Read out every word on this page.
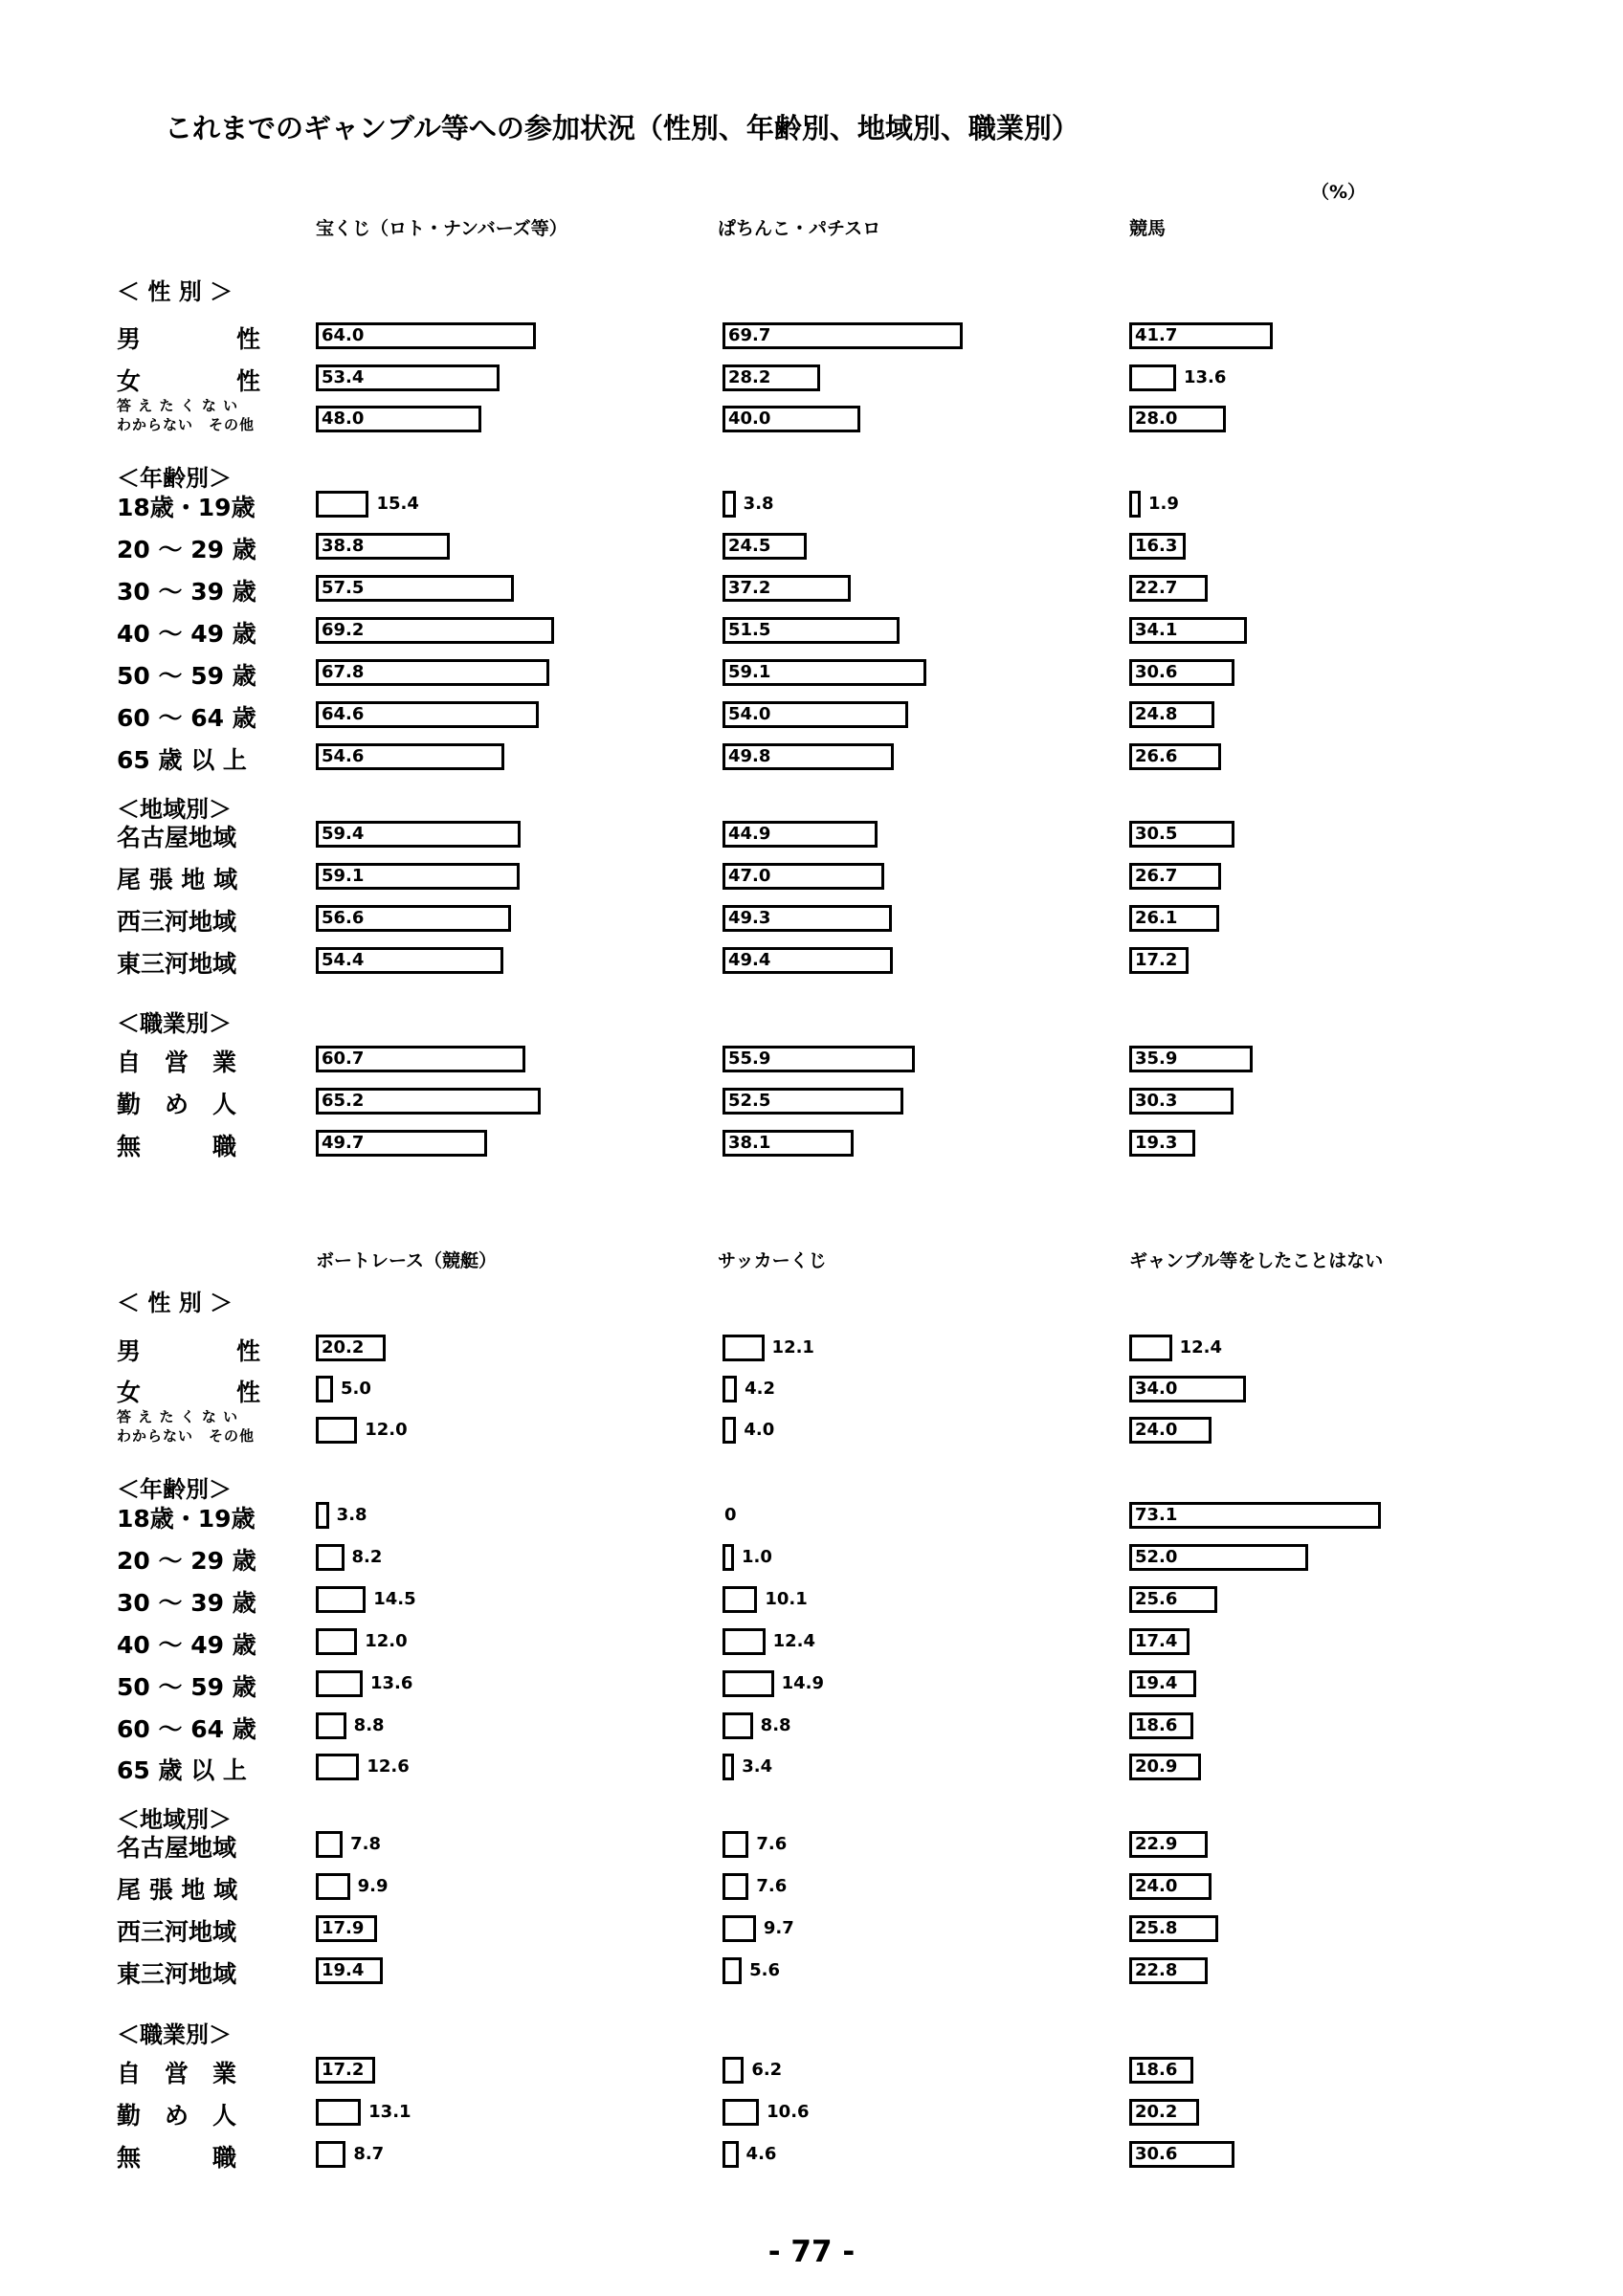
これまでのギャンブル等への参加状況（性別、年齢別、地域別、職業別）
（%）
宝くじ（ロト・ナンバーズ等）	ぱちんこ・パチスロ	競馬
＜ 性 別 ＞
男　　　　性	64.0	69.7	41.7
女　　　　性	53.4	28.2	13.6
答 え た く な い
わからない　その他	48.0	40.0	28.0
＜年齢別＞
18歳・19歳	15.4	3.8	1.9
20 ～ 29 歳	38.8	24.5	16.3
30 ～ 39 歳	57.5	37.2	22.7
40 ～ 49 歳	69.2	51.5	34.1
50 ～ 59 歳	67.8	59.1	30.6
60 ～ 64 歳	64.6	54.0	24.8
65 歳 以 上	54.6	49.8	26.6
＜地域別＞
名古屋地域	59.4	44.9	30.5
尾 張 地 域	59.1	47.0	26.7
西三河地域	56.6	49.3	26.1
東三河地域	54.4	49.4	17.2
＜職業別＞
自　営　業	60.7	55.9	35.9
勤　め　人	65.2	52.5	30.3
無　　　職	49.7	38.1	19.3
ボートレース（競艇）	サッカーくじ	ギャンブル等をしたことはない
＜ 性 別 ＞
男　　　　性	20.2	12.1	12.4
女　　　　性	5.0	4.2	34.0
答 え た く な い
わからない　その他	12.0	4.0	24.0
＜年齢別＞
18歳・19歳	3.8	0	73.1
20 ～ 29 歳	8.2	1.0	52.0
30 ～ 39 歳	14.5	10.1	25.6
40 ～ 49 歳	12.0	12.4	17.4
50 ～ 59 歳	13.6	14.9	19.4
60 ～ 64 歳	8.8	8.8	18.6
65 歳 以 上	12.6	3.4	20.9
＜地域別＞
名古屋地域	7.8	7.6	22.9
尾 張 地 域	9.9	7.6	24.0
西三河地域	17.9	9.7	25.8
東三河地域	19.4	5.6	22.8
＜職業別＞
自　営　業	17.2	6.2	18.6
勤　め　人	13.1	10.6	20.2
無　　　職	8.7	4.6	30.6
- 77 -
